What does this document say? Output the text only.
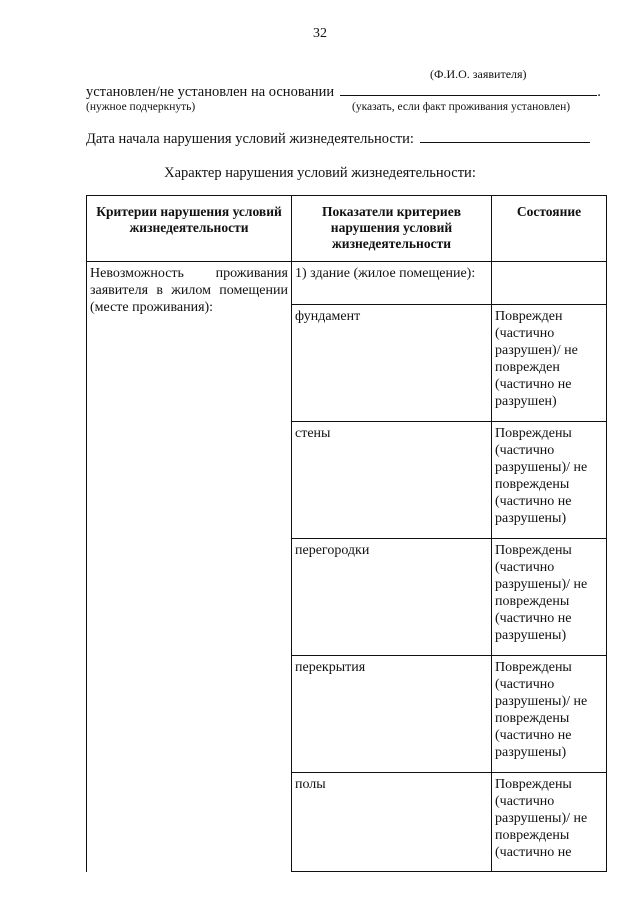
32
(Ф.И.О. заявителя)
установлен/не установлен на основании	.
(нужное подчеркнуть)	(указать, если факт проживания установлен)
Дата начала нарушения условий жизнедеятельности:
Характер нарушения условий жизнедеятельности:
Критерии нарушения условий жизнедеятельности	Показатели критериев нарушения условий жизнедеятельности	Состояние
Невозможность проживания заявителя в жилом помещении (месте проживания):	1) здание (жилое помещение):	
	фундамент	Поврежден (частично разрушен)/ не поврежден (частично не разрушен)
	стены	Повреждены (частично разрушены)/ не повреждены (частично не разрушены)
	перегородки	Повреждены (частично разрушены)/ не повреждены (частично не разрушены)
	перекрытия	Повреждены (частично разрушены)/ не повреждены (частично не разрушены)
	полы	Повреждены (частично разрушены)/ не повреждены (частично не
